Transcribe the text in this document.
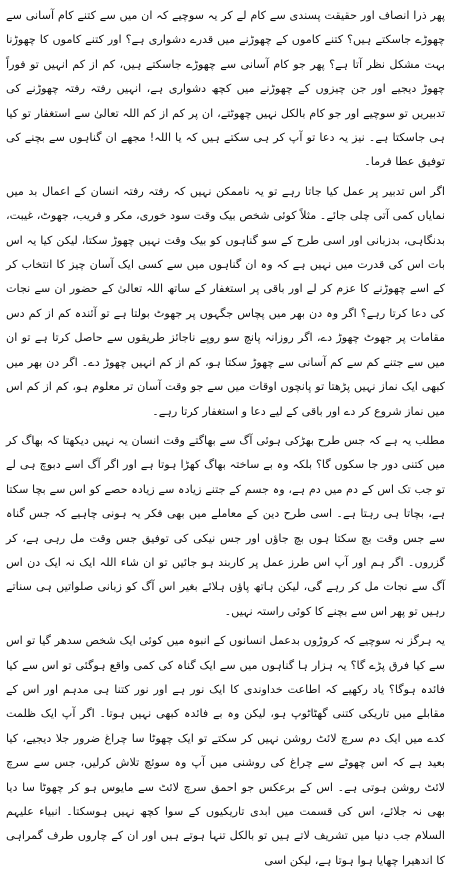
پھر ذرا انصاف اور حقیقت پسندی سے کام لے کر یہ سوچیے کہ ان میں سے کتنے کام آسانی سے چھوڑے جاسکتے ہیں؟ کتنے کاموں کے چھوڑنے میں قدرے دشواری ہے؟ اور کتنے کاموں کا چھوڑنا بہت مشکل نظر آتا ہے؟ پھر جو کام آسانی سے چھوڑے جاسکتے ہیں، کم از کم انہیں تو فوراً چھوڑ دیجیے اور جن چیزوں کے چھوڑنے میں کچھ دشواری ہے، انہیں رفتہ رفتہ چھوڑنے کی تدبیریں تو سوچیے اور جو کام بالکل نہیں چھوٹتے، ان پر کم از کم اللہ تعالیٰ سے استغفار تو کیا ہی جاسکتا ہے۔ نیز یہ دعا تو آپ کر ہی سکتے ہیں کہ یا اللہ! مجھے ان گناہوں سے بچنے کی توفیق عطا فرما۔

اگر اس تدبیر پر عمل کیا جاتا رہے تو یہ ناممکن نہیں کہ رفتہ رفتہ انسان کے اعمال بد میں نمایاں کمی آتی چلی جائے۔ مثلاً کوئی شخص بیک وقت سود خوری، مکر و فریب، جھوٹ، غیبت، بدنگاہی، بدزبانی اور اسی طرح کے سو گناہوں کو بیک وقت نہیں چھوڑ سکتا، لیکن کیا یہ اس بات اس کی قدرت میں نہیں ہے کہ وہ ان گناہوں میں سے کسی ایک آسان چیز کا انتخاب کر کے اسے چھوڑنے کا عزم کر لے اور باقی پر استغفار کے ساتھ اللہ تعالیٰ کے حضور ان سے نجات کی دعا کرتا رہے؟ اگر وہ دن بھر میں پچاس جگہوں پر جھوٹ بولتا ہے تو آئندہ کم از کم دس مقامات پر جھوٹ چھوڑ دے، اگر روزانہ پانچ سو روپے ناجائز طریقوں سے حاصل کرتا ہے تو ان میں سے جتنے کم سے کم آسانی سے چھوڑ سکتا ہو، کم از کم انہیں چھوڑ دے۔ اگر دن بھر میں کبھی ایک نماز نہیں پڑھتا تو پانچوں اوقات میں سے جو وقت آسان تر معلوم ہو، کم از کم اس میں نماز شروع کر دے اور باقی کے لیے دعا و استغفار کرتا رہے۔

مطلب یہ ہے کہ جس طرح بھڑکی ہوئی آگ سے بھاگتے وقت انسان یہ نہیں دیکھتا کہ بھاگ کر میں کتنی دور جا سکوں گا؟ بلکہ وہ بے ساختہ بھاگ کھڑا ہوتا ہے اور اگر آگ اسے دبوچ ہی لے تو جب تک اس کے دم میں دم ہے، وہ جسم کے جتنے زیادہ سے زیادہ حصے کو اس سے بچا سکتا ہے، بچاتا ہی رہتا ہے۔ اسی طرح دین کے معاملے میں بھی فکر یہ ہونی چاہیے کہ جس گناہ سے جس وقت بچ سکتا ہوں بچ جاؤں اور جس نیکی کی توفیق جس وقت مل رہی ہے، کر گزروں۔ اگر ہم اور آپ اس طرز عمل پر کاربند ہو جائیں تو ان شاء اللہ ایک نہ ایک دن اس آگ سے نجات مل کر رہے گی، لیکن ہاتھ پاؤں ہلائے بغیر اس آگ کو زبانی صلواتیں ہی سناتے رہیں تو پھر اس سے بچنے کا کوئی راستہ نہیں۔

یہ ہرگز نہ سوچیے کہ کروڑوں بدعمل انسانوں کے انبوہ میں کوئی ایک شخص سدھر گیا تو اس سے کیا فرق پڑے گا؟ یہ ہزار ہا گناہوں میں سے ایک گناہ کی کمی واقع ہوگئی تو اس سے کیا فائدہ ہوگا؟ یاد رکھیے کہ اطاعت خداوندی کا ایک نور ہے اور نور کتنا ہی مدہم اور اس کے مقابلے میں تاریکی کتنی گھٹاٹوپ ہو، لیکن وہ بے فائدہ کبھی نہیں ہوتا۔ اگر آپ ایک ظلمت کدے میں ایک دم سرچ لائٹ روشن نہیں کر سکتے تو ایک چھوٹا سا چراغ ضرور جلا دیجیے، کیا بعید ہے کہ اس چھوٹے سے چراغ کی روشنی میں آپ وہ سوئچ تلاش کرلیں، جس سے سرچ لائٹ روشن ہوتی ہے۔ اس کے برعکس جو احمق سرچ لائٹ سے مایوس ہو کر چھوٹا سا دیا بھی نہ جلائے، اس کی قسمت میں ابدی تاریکیوں کے سوا کچھ نہیں ہوسکتا۔ انبیاء علیہم السلام جب دنیا میں تشریف لاتے ہیں تو بالکل تنہا ہوتے ہیں اور ان کے چاروں طرف گمراہی کا اندھیرا چھایا ہوا ہوتا ہے، لیکن اسی
